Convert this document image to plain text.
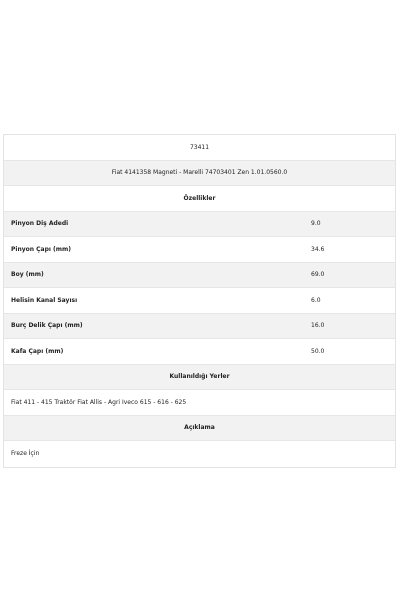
73411
Fiat 4141358 Magneti - Marelli 74703401 Zen 1.01.0560.0
Özellikler
Pinyon Diş Adedi	9.0
Pinyon Çapı (mm)	34.6
Boy (mm)	69.0
Helisin Kanal Sayısı	6.0
Burç Delik Çapı (mm)	16.0
Kafa Çapı (mm)	50.0
Kullanıldığı Yerler
Fiat 411 - 415 Traktör Fiat Allis - Agri Iveco 615 - 616 - 625
Açıklama
Freze İçin
